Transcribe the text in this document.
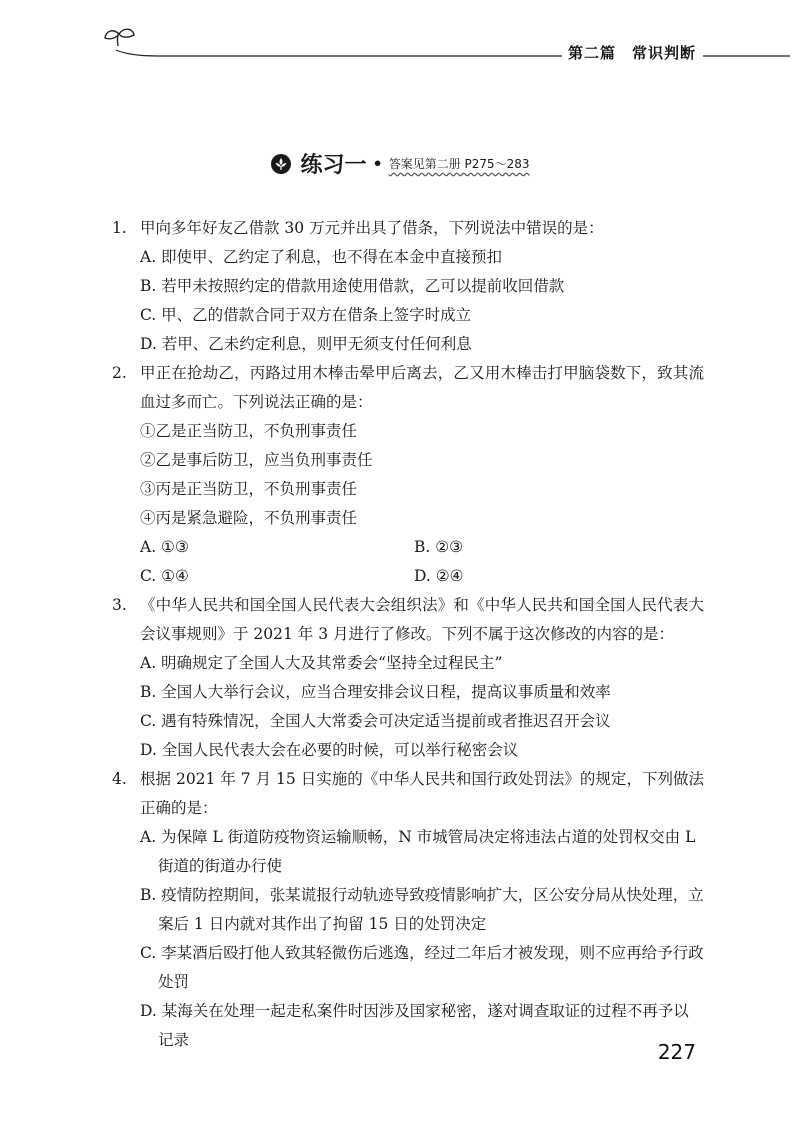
第二篇　常识判断
练习一 • 答案见第二册 P275～283
1. 甲向多年好友乙借款 30 万元并出具了借条，下列说法中错误的是：
A. 即使甲、乙约定了利息，也不得在本金中直接预扣
B. 若甲未按照约定的借款用途使用借款，乙可以提前收回借款
C. 甲、乙的借款合同于双方在借条上签字时成立
D. 若甲、乙未约定利息，则甲无须支付任何利息
2. 甲正在抢劫乙，丙路过用木棒击晕甲后离去，乙又用木棒击打甲脑袋数下，致其流血过多而亡。下列说法正确的是：
①乙是正当防卫，不负刑事责任
②乙是事后防卫，应当负刑事责任
③丙是正当防卫，不负刑事责任
④丙是紧急避险，不负刑事责任
A. ①③	B. ②③
C. ①④	D. ②④
3. 《中华人民共和国全国人民代表大会组织法》和《中华人民共和国全国人民代表大会议事规则》于 2021 年 3 月进行了修改。下列不属于这次修改的内容的是：
A. 明确规定了全国人大及其常委会“坚持全过程民主”
B. 全国人大举行会议，应当合理安排会议日程，提高议事质量和效率
C. 遇有特殊情况，全国人大常委会可决定适当提前或者推迟召开会议
D. 全国人民代表大会在必要的时候，可以举行秘密会议
4. 根据 2021 年 7 月 15 日实施的《中华人民共和国行政处罚法》的规定，下列做法正确的是：
A. 为保障 L 街道防疫物资运输顺畅，N 市城管局决定将违法占道的处罚权交由 L 街道的街道办行使
B. 疫情防控期间，张某谎报行动轨迹导致疫情影响扩大，区公安分局从快处理，立案后 1 日内就对其作出了拘留 15 日的处罚决定
C. 李某酒后殴打他人致其轻微伤后逃逸，经过二年后才被发现，则不应再给予行政处罚
D. 某海关在处理一起走私案件时因涉及国家秘密，遂对调查取证的过程不再予以记录	227
